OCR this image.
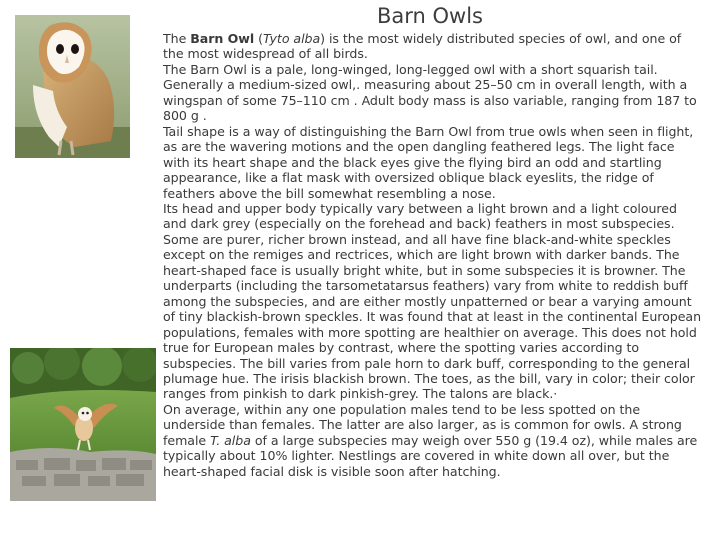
Barn Owls

The Barn Owl (Tyto alba) is the most widely distributed species of owl, and one of the most widespread of all birds.

The Barn Owl is a pale, long-winged, long-legged owl with a short squarish tail. Generally a medium-sized owl,. measuring about 25–50 cm in overall length, with a wingspan of some 75–110 cm . Adult body mass is also variable, ranging from 187 to 800 g .

Tail shape is a way of distinguishing the Barn Owl from true owls when seen in flight, as are the wavering motions and the open dangling feathered legs. The light face with its heart shape and the black eyes give the flying bird an odd and startling appearance, like a flat mask with oversized oblique black eyeslits, the ridge of feathers above the bill somewhat resembling a nose.

Its head and upper body typically vary between a light brown and a light coloured and dark grey (especially on the forehead and back) feathers in most subspecies. Some are purer, richer brown instead, and all have fine black-and-white speckles except on the remiges and rectrices, which are light brown with darker bands. The heart-shaped face is usually bright white, but in some subspecies it is browner. The underparts (including the tarsometatarsus feathers) vary from white to reddish buff among the subspecies, and are either mostly unpatterned or bear a varying amount of tiny blackish-brown speckles. It was found that at least in the continental European populations, females with more spotting are healthier on average. This does not hold true for European males by contrast, where the spotting varies according to subspecies. The bill varies from pale horn to dark buff, corresponding to the general plumage hue. The irisis blackish brown. The toes, as the bill, vary in color; their color ranges from pinkish to dark pinkish-grey. The talons are black.·

On average, within any one population males tend to be less spotted on the underside than females. The latter are also larger, as is common for owls. A strong female T. alba of a large subspecies may weigh over 550 g (19.4 oz), while males are typically about 10% lighter. Nestlings are covered in white down all over, but the heart-shaped facial disk is visible soon after hatching.
